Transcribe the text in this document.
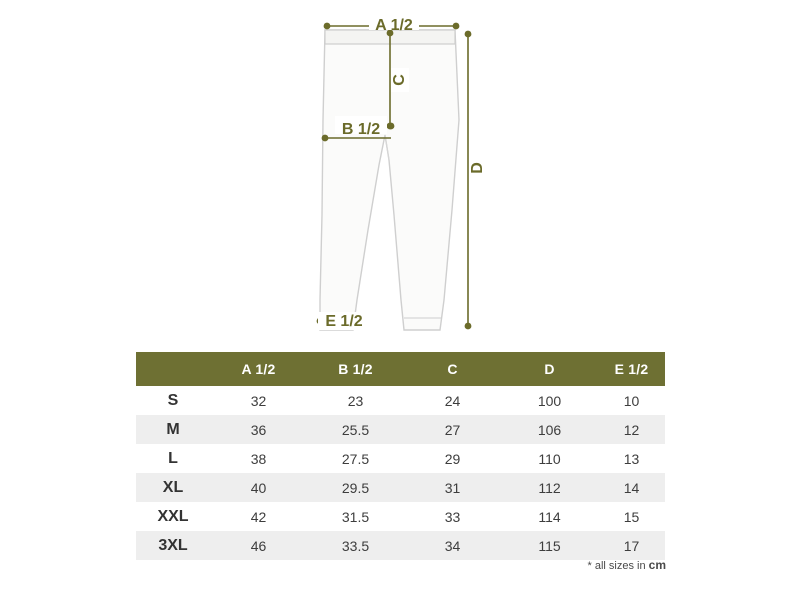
A 1/2
B 1/2
C
D
E 1/2
	A 1/2	B 1/2	C	D	E 1/2
S	32	23	24	100	10
M	36	25.5	27	106	12
L	38	27.5	29	110	13
XL	40	29.5	31	112	14
XXL	42	31.5	33	114	15
3XL	46	33.5	34	115	17
* all sizes in cm
